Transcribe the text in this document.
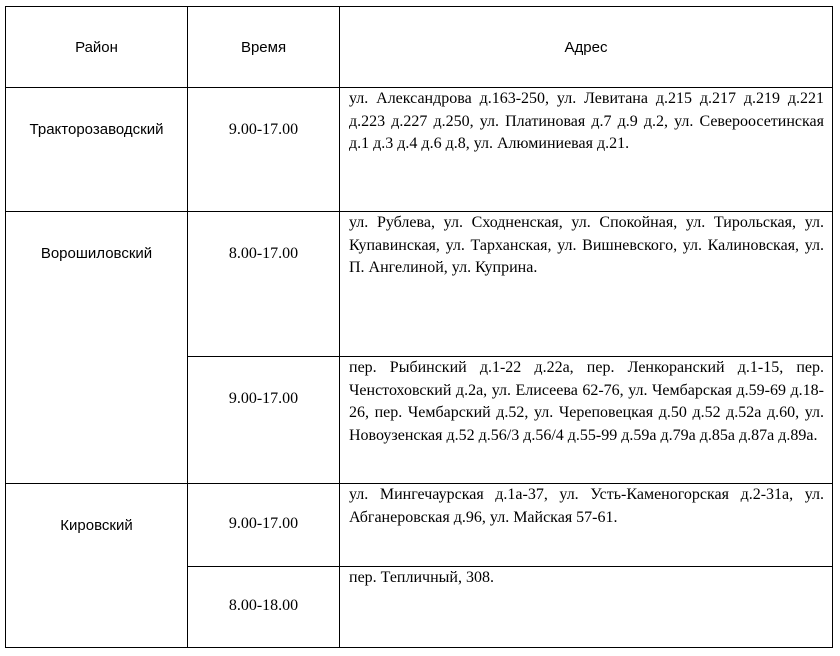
Район	Время	Адрес
Тракторозаводский	9.00-17.00	ул. Александрова д.163-250, ул. Левитана д.215 д.217 д.219 д.221 д.223 д.227 д.250, ул. Платиновая д.7 д.9 д.2, ул. Североосетинская д.1 д.3 д.4 д.6 д.8, ул. Алюминиевая д.21.
Ворошиловский	8.00-17.00	ул. Рублева, ул. Сходненская, ул. Спокойная, ул. Тирольская, ул. Купавинская, ул. Тарханская, ул. Вишневского, ул. Калиновская, ул. П. Ангелиной, ул. Куприна.
	9.00-17.00	пер. Рыбинский д.1-22 д.22а, пер. Ленкоранский д.1-15, пер. Ченстоховский д.2а, ул. Елисеева 62-76, ул. Чембарская д.59-69 д.18-26, пер. Чембарский д.52, ул. Череповецкая д.50 д.52 д.52а д.60, ул. Новоузенская д.52 д.56/3 д.56/4 д.55-99 д.59а д.79а д.85а д.87а д.89а.
Кировский	9.00-17.00	ул. Мингечаурская д.1а-37, ул. Усть-Каменогорская д.2-31а, ул. Абганеровская д.96, ул. Майская 57-61.
	8.00-18.00	пер. Тепличный, 308.
